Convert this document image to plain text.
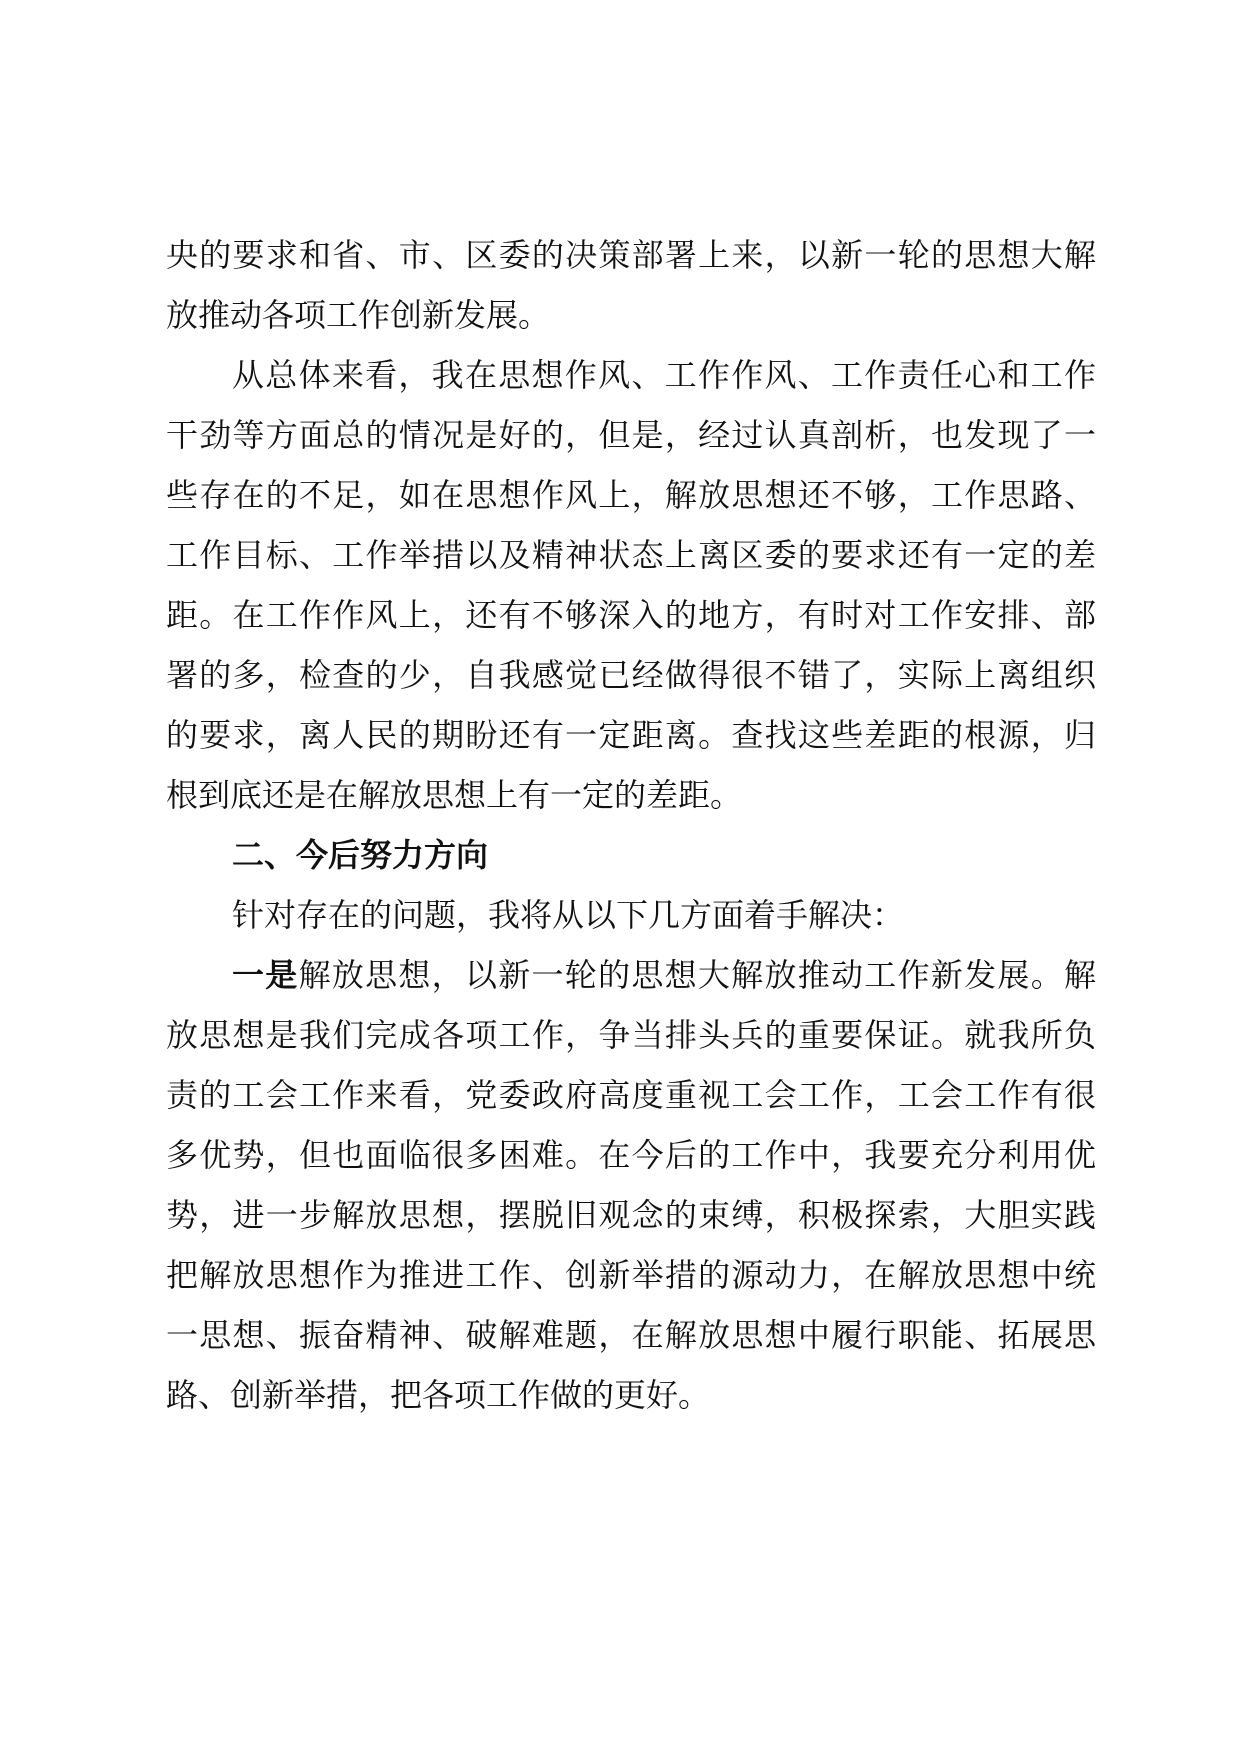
央的要求和省、市、区委的决策部署上来，以新一轮的思想大解
放推动各项工作创新发展。
从总体来看，我在思想作风、工作作风、工作责任心和工作
干劲等方面总的情况是好的，但是，经过认真剖析，也发现了一
些存在的不足，如在思想作风上，解放思想还不够，工作思路、
工作目标、工作举措以及精神状态上离区委的要求还有一定的差
距。在工作作风上，还有不够深入的地方，有时对工作安排、部
署的多，检查的少，自我感觉已经做得很不错了，实际上离组织
的要求，离人民的期盼还有一定距离。查找这些差距的根源，归
根到底还是在解放思想上有一定的差距。
二、今后努力方向
针对存在的问题，我将从以下几方面着手解决：
一是解放思想，以新一轮的思想大解放推动工作新发展。解
放思想是我们完成各项工作，争当排头兵的重要保证。就我所负
责的工会工作来看，党委政府高度重视工会工作，工会工作有很
多优势，但也面临很多困难。在今后的工作中，我要充分利用优
势，进一步解放思想，摆脱旧观念的束缚，积极探索，大胆实践
把解放思想作为推进工作、创新举措的源动力，在解放思想中统
一思想、振奋精神、破解难题，在解放思想中履行职能、拓展思
路、创新举措，把各项工作做的更好。
